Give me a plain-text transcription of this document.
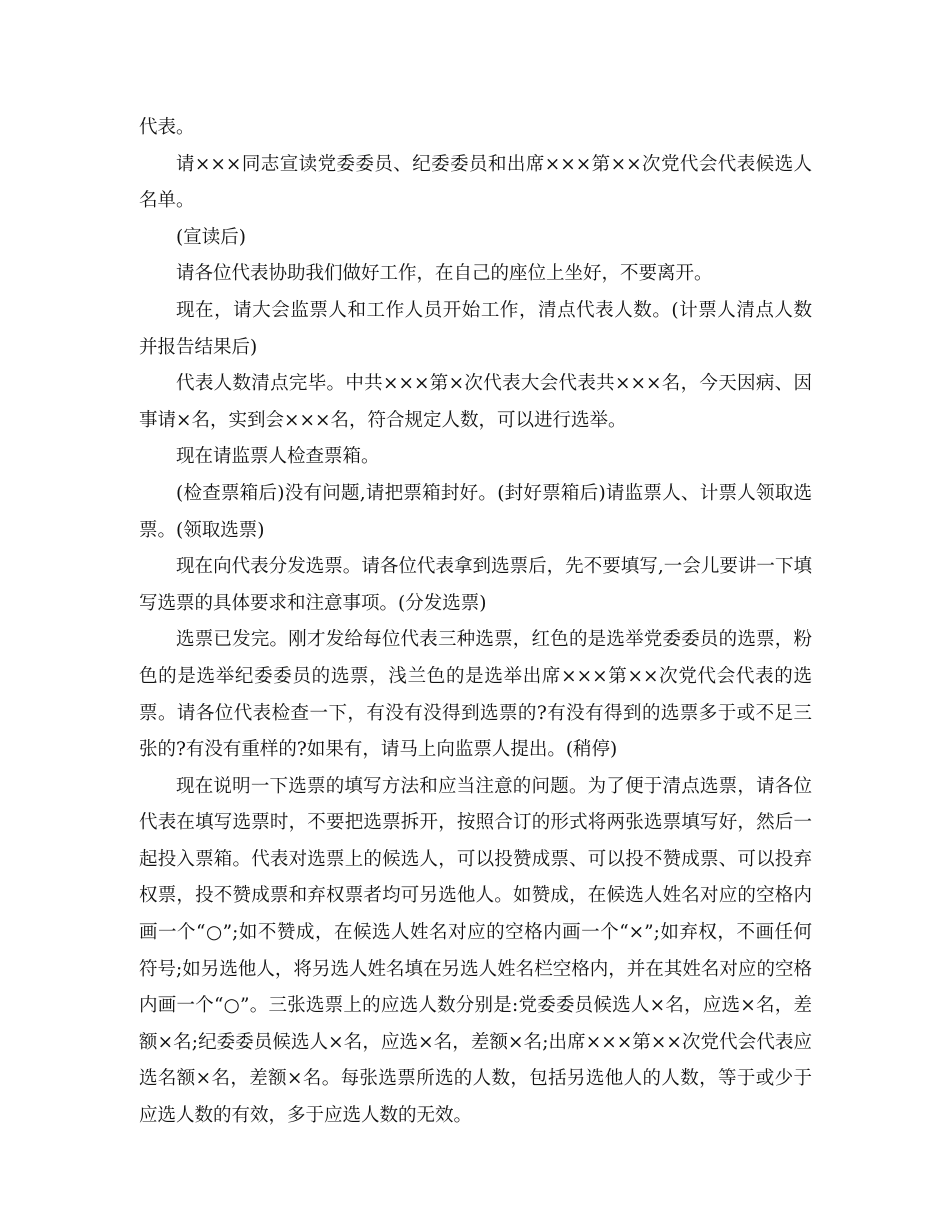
代表。

请×××同志宣读党委委员、纪委委员和出席×××第××次党代会代表候选人名单。

(宣读后)

请各位代表协助我们做好工作，在自己的座位上坐好，不要离开。

现在，请大会监票人和工作人员开始工作，清点代表人数。(计票人清点人数并报告结果后)

代表人数清点完毕。中共×××第×次代表大会代表共×××名，今天因病、因事请×名，实到会×××名，符合规定人数，可以进行选举。

现在请监票人检查票箱。

(检查票箱后)没有问题,请把票箱封好。(封好票箱后)请监票人、计票人领取选票。(领取选票)

现在向代表分发选票。请各位代表拿到选票后，先不要填写,一会儿要讲一下填写选票的具体要求和注意事项。(分发选票)

选票已发完。刚才发给每位代表三种选票，红色的是选举党委委员的选票，粉色的是选举纪委委员的选票，浅兰色的是选举出席×××第××次党代会代表的选票。请各位代表检查一下，有没有没得到选票的?有没有得到的选票多于或不足三张的?有没有重样的?如果有，请马上向监票人提出。(稍停)

现在说明一下选票的填写方法和应当注意的问题。为了便于清点选票，请各位代表在填写选票时，不要把选票拆开，按照合订的形式将两张选票填写好，然后一起投入票箱。代表对选票上的候选人，可以投赞成票、可以投不赞成票、可以投弃权票，投不赞成票和弃权票者均可另选他人。如赞成，在候选人姓名对应的空格内画一个“○”;如不赞成，在候选人姓名对应的空格内画一个“×”;如弃权，不画任何符号;如另选他人，将另选人姓名填在另选人姓名栏空格内，并在其姓名对应的空格内画一个“○”。三张选票上的应选人数分别是:党委委员候选人×名，应选×名，差额×名;纪委委员候选人×名，应选×名，差额×名;出席×××第××次党代会代表应选名额×名，差额×名。每张选票所选的人数，包括另选他人的人数，等于或少于应选人数的有效，多于应选人数的无效。
